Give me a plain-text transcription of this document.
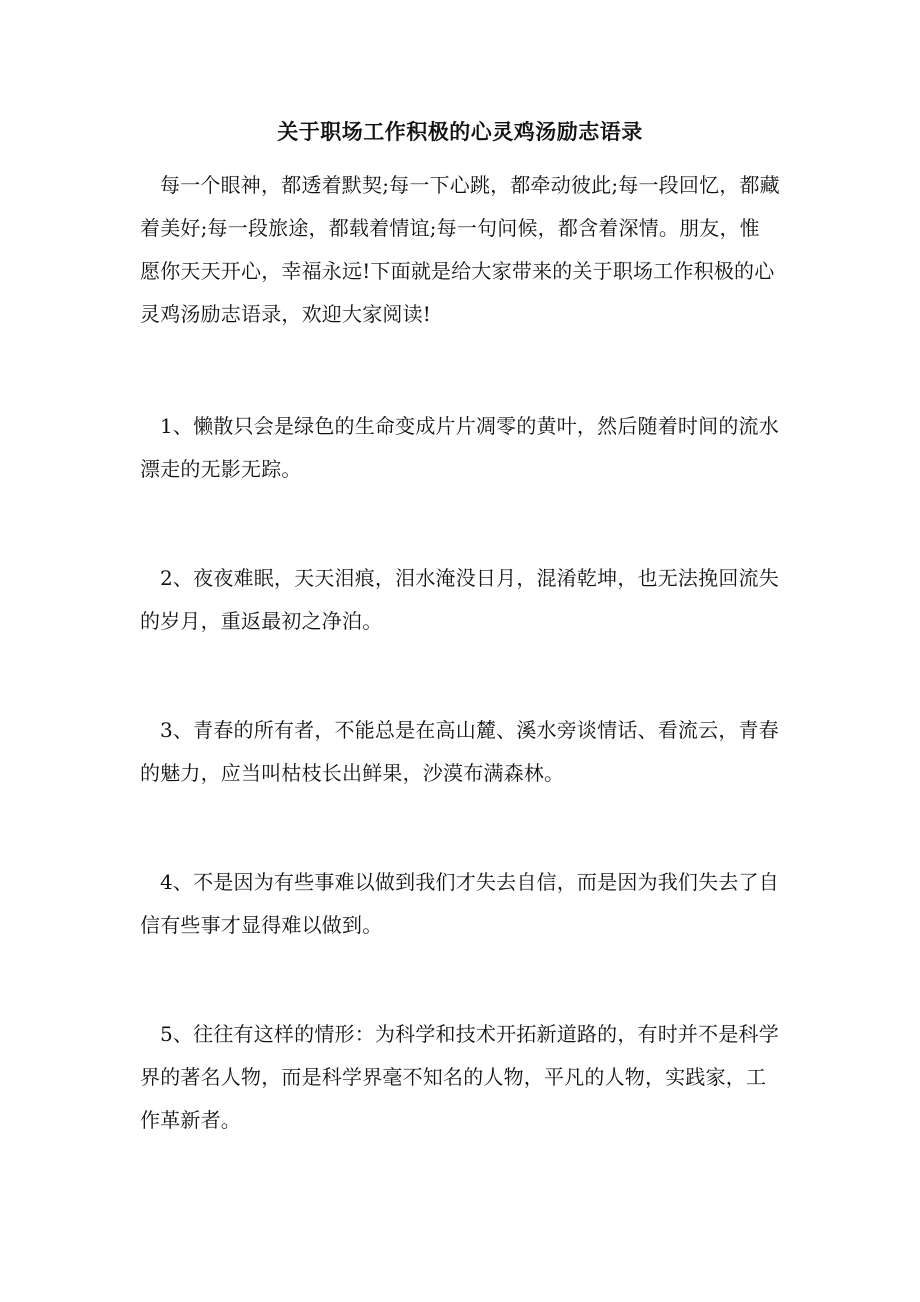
关于职场工作积极的心灵鸡汤励志语录

每一个眼神，都透着默契;每一下心跳，都牵动彼此;每一段回忆，都藏着美好;每一段旅途，都载着情谊;每一句问候，都含着深情。朋友，惟愿你天天开心，幸福永远!下面就是给大家带来的关于职场工作积极的心灵鸡汤励志语录，欢迎大家阅读!

1、懒散只会是绿色的生命变成片片凋零的黄叶，然后随着时间的流水漂走的无影无踪。

2、夜夜难眠，天天泪痕，泪水淹没日月，混淆乾坤，也无法挽回流失的岁月，重返最初之净泊。

3、青春的所有者，不能总是在高山麓、溪水旁谈情话、看流云，青春的魅力，应当叫枯枝长出鲜果，沙漠布满森林。

4、不是因为有些事难以做到我们才失去自信，而是因为我们失去了自信有些事才显得难以做到。

5、往往有这样的情形：为科学和技术开拓新道路的，有时并不是科学界的著名人物，而是科学界毫不知名的人物，平凡的人物，实践家，工作革新者。
